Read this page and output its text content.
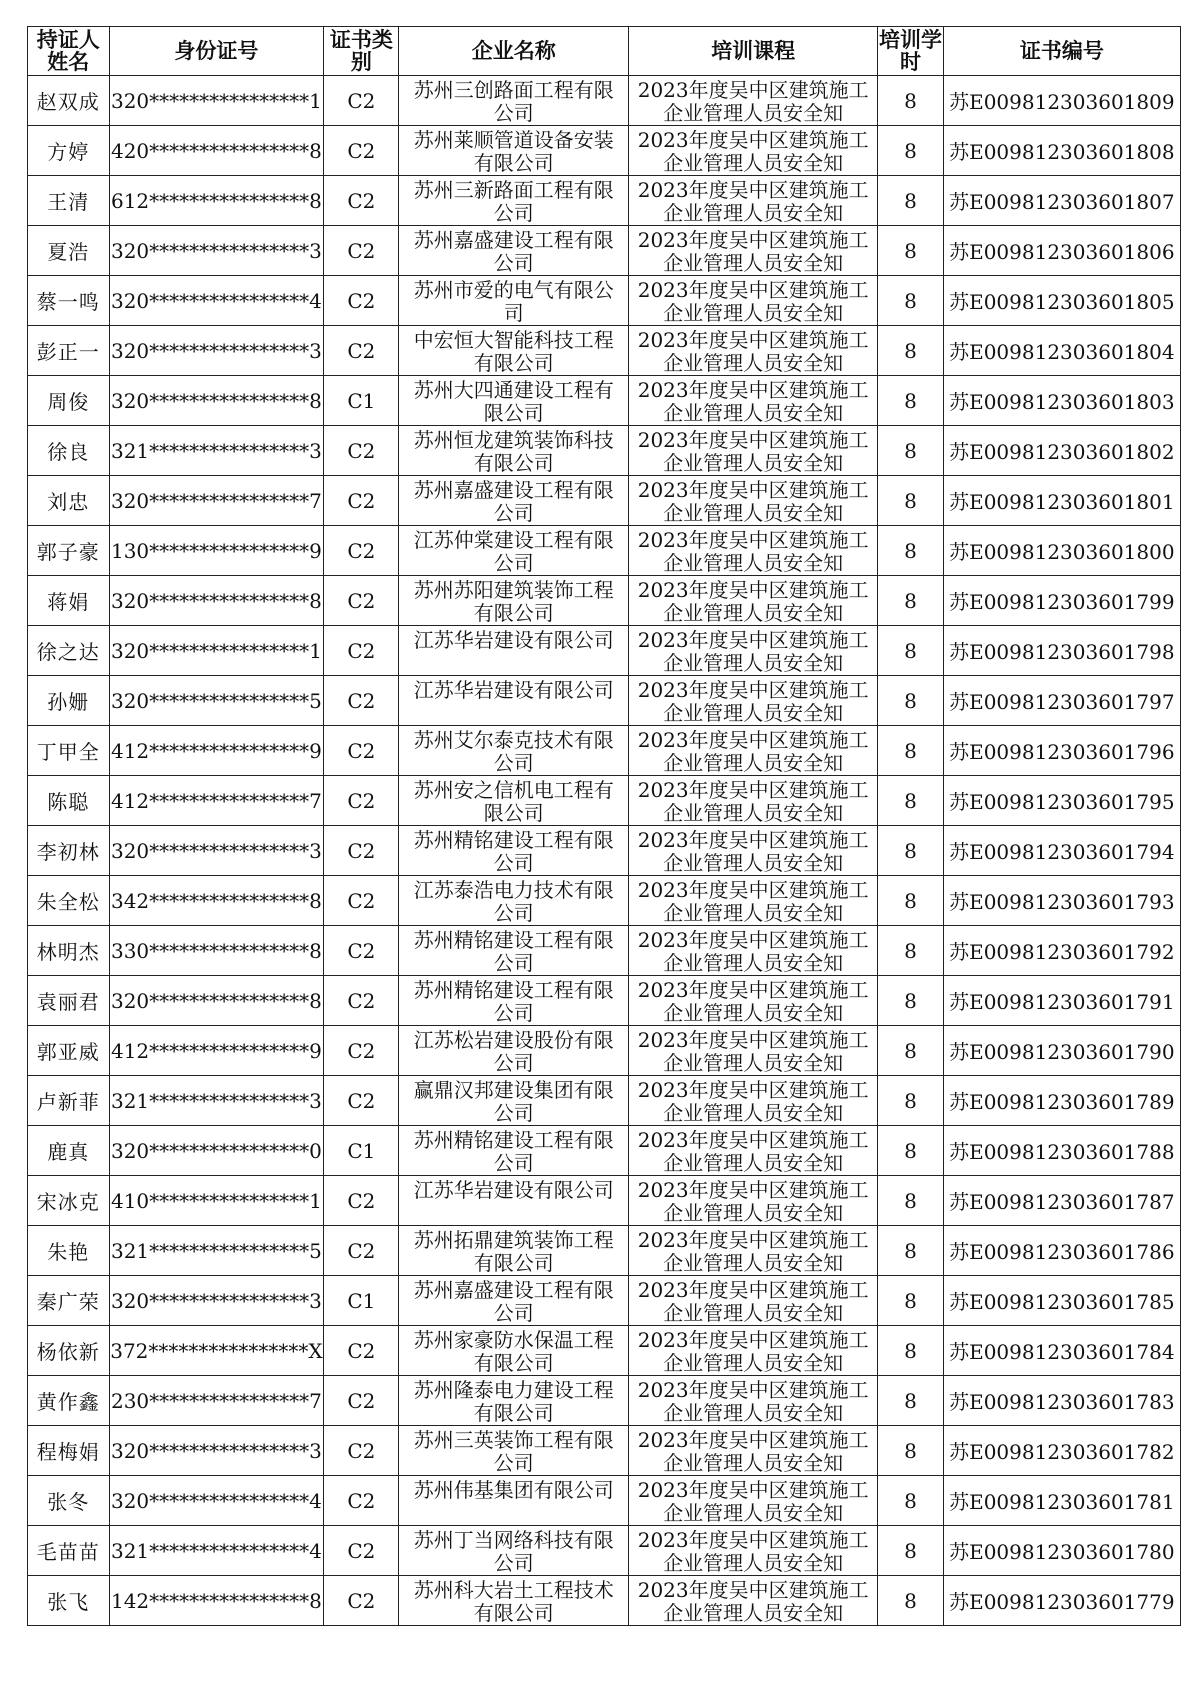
持证人姓名	身份证号	证书类别	企业名称	培训课程	培训学时	证书编号
赵双成	320****************1	C2	苏州三创路面工程有限公司	2023年度吴中区建筑施工企业管理人员安全知	8	苏E009812303601809
方婷	420****************8	C2	苏州莱顺管道设备安装有限公司	2023年度吴中区建筑施工企业管理人员安全知	8	苏E009812303601808
王清	612****************8	C2	苏州三新路面工程有限公司	2023年度吴中区建筑施工企业管理人员安全知	8	苏E009812303601807
夏浩	320****************3	C2	苏州嘉盛建设工程有限公司	2023年度吴中区建筑施工企业管理人员安全知	8	苏E009812303601806
蔡一鸣	320****************4	C2	苏州市爱的电气有限公司	2023年度吴中区建筑施工企业管理人员安全知	8	苏E009812303601805
彭正一	320****************3	C2	中宏恒大智能科技工程有限公司	2023年度吴中区建筑施工企业管理人员安全知	8	苏E009812303601804
周俊	320****************8	C1	苏州大四通建设工程有限公司	2023年度吴中区建筑施工企业管理人员安全知	8	苏E009812303601803
徐良	321****************3	C2	苏州恒龙建筑装饰科技有限公司	2023年度吴中区建筑施工企业管理人员安全知	8	苏E009812303601802
刘忠	320****************7	C2	苏州嘉盛建设工程有限公司	2023年度吴中区建筑施工企业管理人员安全知	8	苏E009812303601801
郭子豪	130****************9	C2	江苏仲棠建设工程有限公司	2023年度吴中区建筑施工企业管理人员安全知	8	苏E009812303601800
蒋娟	320****************8	C2	苏州苏阳建筑装饰工程有限公司	2023年度吴中区建筑施工企业管理人员安全知	8	苏E009812303601799
徐之达	320****************1	C2	江苏华岩建设有限公司	2023年度吴中区建筑施工企业管理人员安全知	8	苏E009812303601798
孙姗	320****************5	C2	江苏华岩建设有限公司	2023年度吴中区建筑施工企业管理人员安全知	8	苏E009812303601797
丁甲全	412****************9	C2	苏州艾尔泰克技术有限公司	2023年度吴中区建筑施工企业管理人员安全知	8	苏E009812303601796
陈聪	412****************7	C2	苏州安之信机电工程有限公司	2023年度吴中区建筑施工企业管理人员安全知	8	苏E009812303601795
李初林	320****************3	C2	苏州精铭建设工程有限公司	2023年度吴中区建筑施工企业管理人员安全知	8	苏E009812303601794
朱全松	342****************8	C2	江苏泰浩电力技术有限公司	2023年度吴中区建筑施工企业管理人员安全知	8	苏E009812303601793
林明杰	330****************8	C2	苏州精铭建设工程有限公司	2023年度吴中区建筑施工企业管理人员安全知	8	苏E009812303601792
袁丽君	320****************8	C2	苏州精铭建设工程有限公司	2023年度吴中区建筑施工企业管理人员安全知	8	苏E009812303601791
郭亚威	412****************9	C2	江苏松岩建设股份有限公司	2023年度吴中区建筑施工企业管理人员安全知	8	苏E009812303601790
卢新菲	321****************3	C2	赢鼎汉邦建设集团有限公司	2023年度吴中区建筑施工企业管理人员安全知	8	苏E009812303601789
鹿真	320****************0	C1	苏州精铭建设工程有限公司	2023年度吴中区建筑施工企业管理人员安全知	8	苏E009812303601788
宋冰克	410****************1	C2	江苏华岩建设有限公司	2023年度吴中区建筑施工企业管理人员安全知	8	苏E009812303601787
朱艳	321****************5	C2	苏州拓鼎建筑装饰工程有限公司	2023年度吴中区建筑施工企业管理人员安全知	8	苏E009812303601786
秦广荣	320****************3	C1	苏州嘉盛建设工程有限公司	2023年度吴中区建筑施工企业管理人员安全知	8	苏E009812303601785
杨依新	372****************X	C2	苏州家豪防水保温工程有限公司	2023年度吴中区建筑施工企业管理人员安全知	8	苏E009812303601784
黄作鑫	230****************7	C2	苏州隆泰电力建设工程有限公司	2023年度吴中区建筑施工企业管理人员安全知	8	苏E009812303601783
程梅娟	320****************3	C2	苏州三英装饰工程有限公司	2023年度吴中区建筑施工企业管理人员安全知	8	苏E009812303601782
张冬	320****************4	C2	苏州伟基集团有限公司	2023年度吴中区建筑施工企业管理人员安全知	8	苏E009812303601781
毛苗苗	321****************4	C2	苏州丁当网络科技有限公司	2023年度吴中区建筑施工企业管理人员安全知	8	苏E009812303601780
张飞	142****************8	C2	苏州科大岩土工程技术有限公司	2023年度吴中区建筑施工企业管理人员安全知	8	苏E009812303601779
